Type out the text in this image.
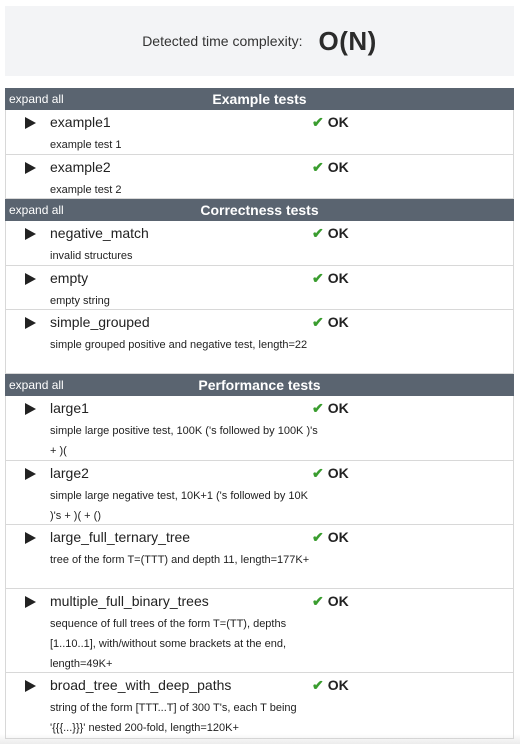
Detected time complexity: O(N)
expand all	Example tests
example1
example test 1
✔ OK
example2
example test 2
✔ OK
expand all	Correctness tests
negative_match
invalid structures
✔ OK
empty
empty string
✔ OK
simple_grouped
simple grouped positive and negative test, length=22
✔ OK
expand all	Performance tests
large1
simple large positive test, 100K ('s followed by 100K )'s + )(
✔ OK
large2
simple large negative test, 10K+1 ('s followed by 10K )'s + )( + ()
✔ OK
large_full_ternary_tree
tree of the form T=(TTT) and depth 11, length=177K+
✔ OK
multiple_full_binary_trees
sequence of full trees of the form T=(TT), depths [1..10..1], with/without some brackets at the end, length=49K+
✔ OK
broad_tree_with_deep_paths
string of the form [TTT...T] of 300 T's, each T being '{{{...}}}' nested 200-fold, length=120K+
✔ OK
